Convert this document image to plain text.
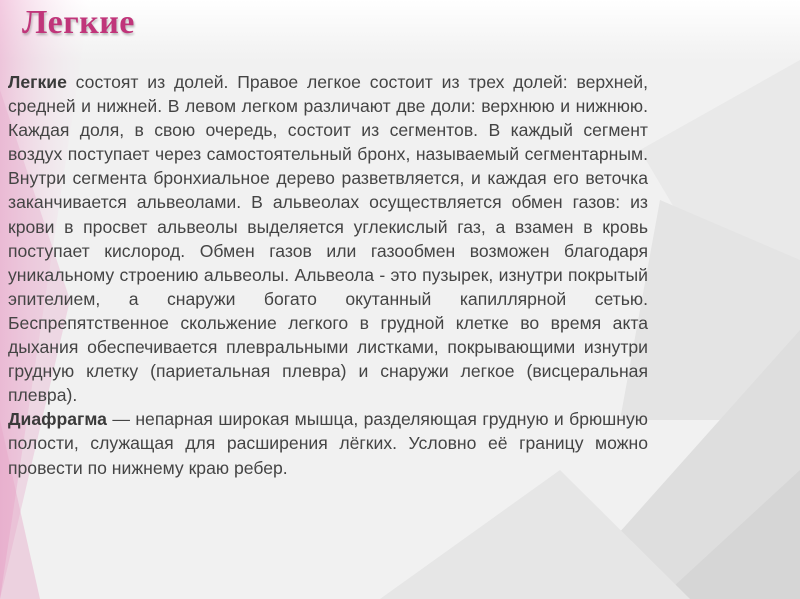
Легкие

Легкие состоят из долей. Правое легкое состоит из трех долей: верхней, средней и нижней. В левом легком различают две доли: верхнюю и нижнюю. Каждая доля, в свою очередь, состоит из сегментов. В каждый сегмент воздух поступает через самостоятельный бронх, называемый сегментарным. Внутри сегмента бронхиальное дерево разветвляется, и каждая его веточка заканчивается альвеолами. В альвеолах осуществляется обмен газов: из крови в просвет альвеолы выделяется углекислый газ, а взамен в кровь поступает кислород. Обмен газов или газообмен возможен благодаря уникальному строению альвеолы. Альвеола - это пузырек, изнутри покрытый эпителием, а снаружи богато окутанный капиллярной сетью. Беспрепятственное скольжение легкого в грудной клетке во время акта дыхания обеспечивается плевральными листками, покрывающими изнутри грудную клетку (париетальная плевра) и снаружи легкое (висцеральная плевра).

Диафрагма — непарная широкая мышца, разделяющая грудную и брюшную полости, служащая для расширения лёгких. Условно её границу можно провести по нижнему краю ребер.
